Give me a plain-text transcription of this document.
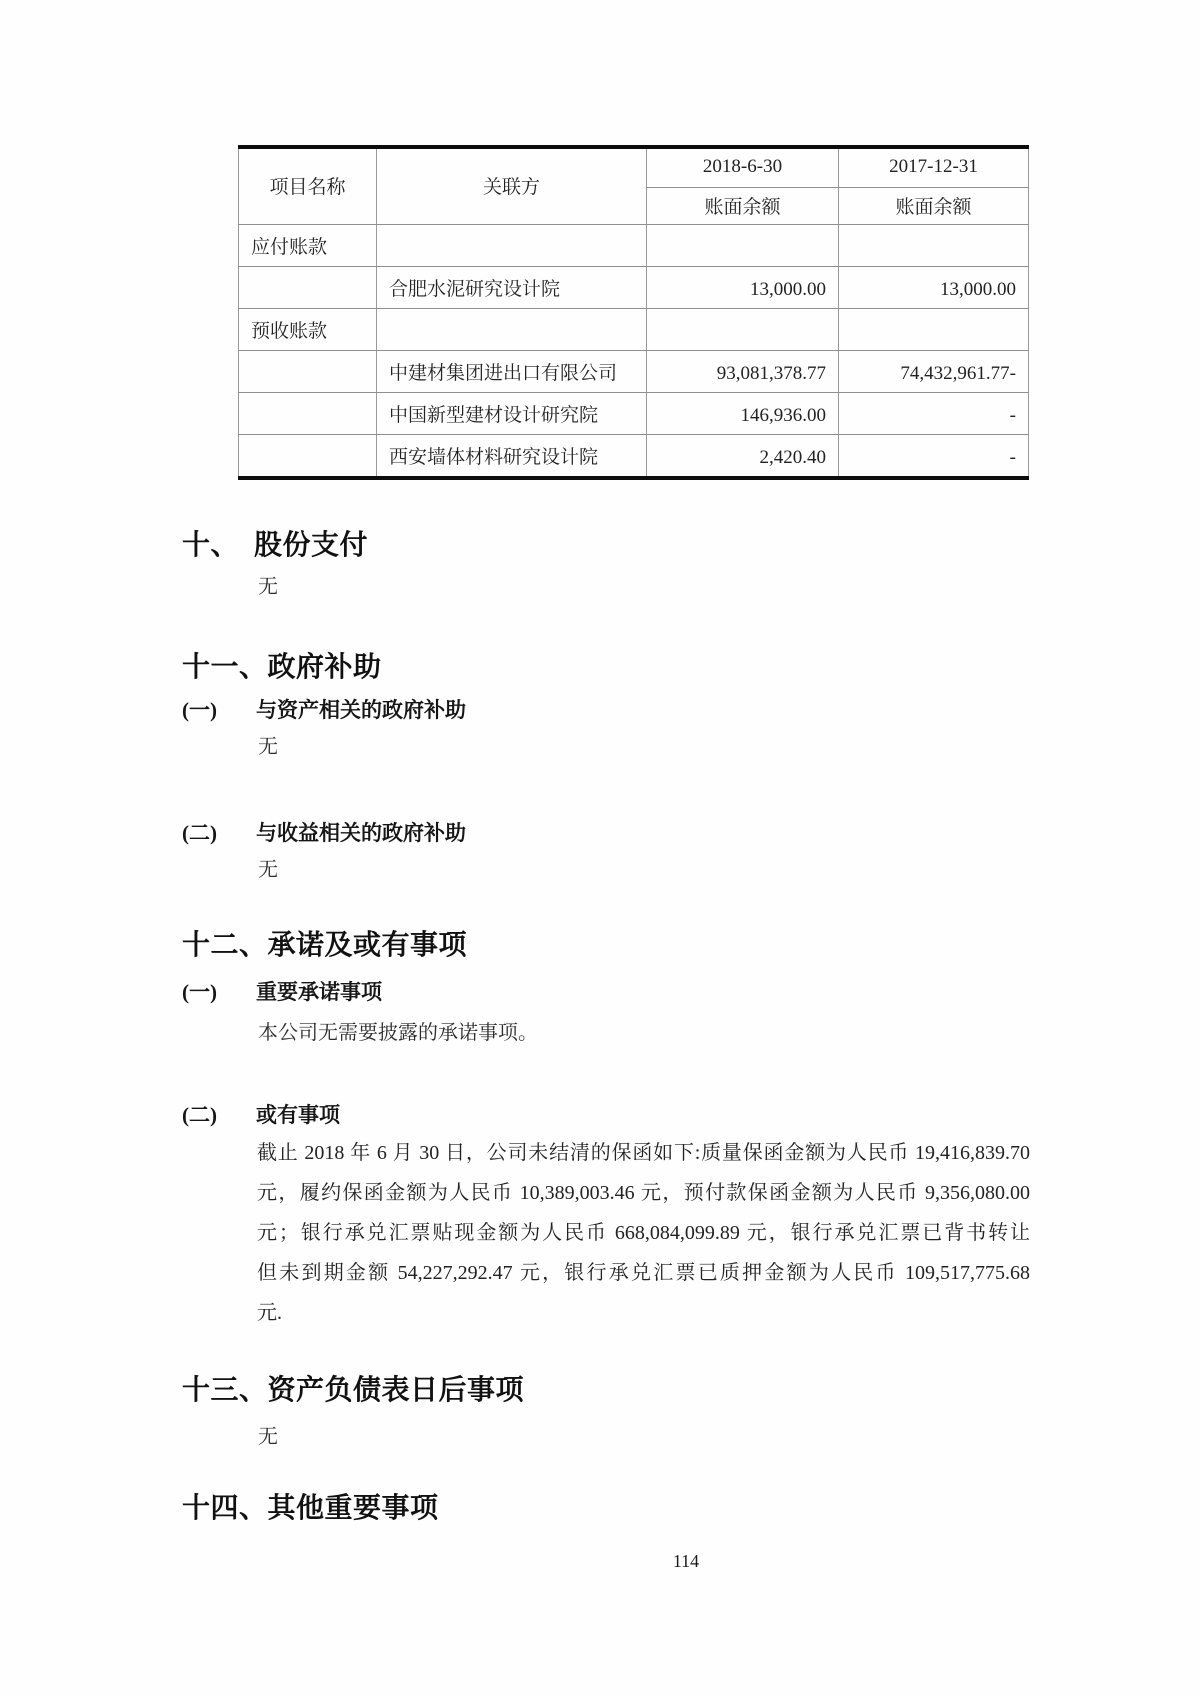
项目名称	关联方	2018-6-30	2017-12-31
		账面余额	账面余额
应付账款			
	合肥水泥研究设计院	13,000.00	13,000.00
预收账款			
	中建材集团进出口有限公司	93,081,378.77	74,432,961.77-
	中国新型建材设计研究院	146,936.00	-
	西安墙体材料研究设计院	2,420.40	-
十、 股份支付
无
十一、政府补助
(一) 与资产相关的政府补助
无
(二) 与收益相关的政府补助
无
十二、承诺及或有事项
(一) 重要承诺事项
本公司无需要披露的承诺事项。
(二) 或有事项
截止 2018 年 6 月 30 日，公司未结清的保函如下:质量保函金额为人民币 19,416,839.70
元，履约保函金额为人民币 10,389,003.46 元，预付款保函金额为人民币 9,356,080.00
元；银行承兑汇票贴现金额为人民币 668,084,099.89 元，银行承兑汇票已背书转让
但未到期金额 54,227,292.47 元，银行承兑汇票已质押金额为人民币 109,517,775.68
元.
十三、资产负债表日后事项
无
十四、其他重要事项
114
